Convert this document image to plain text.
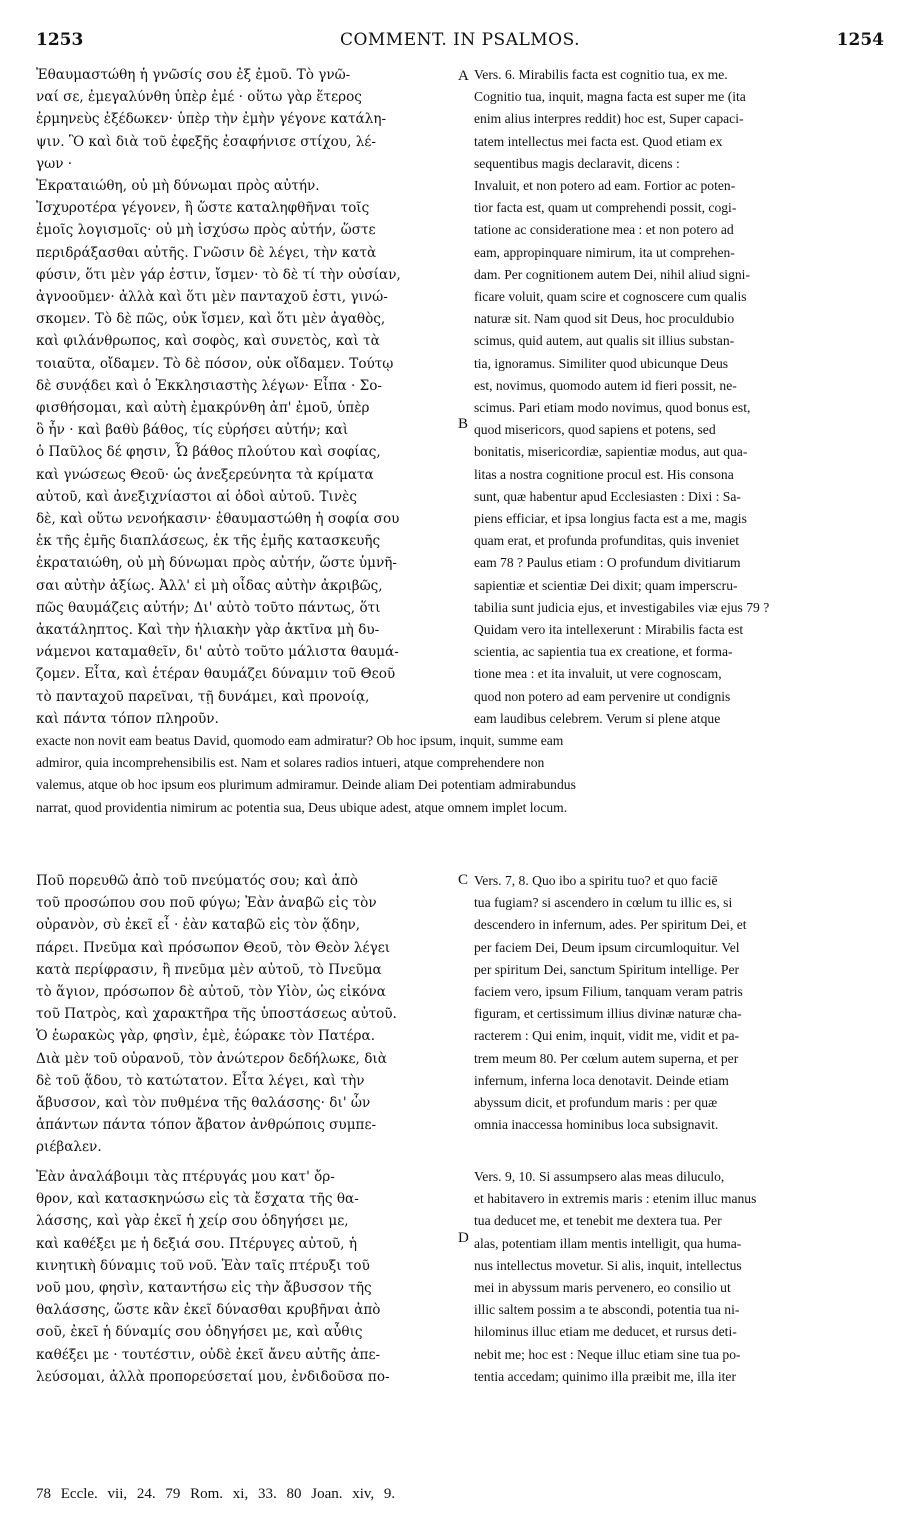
1253	COMMENT. IN PSALMOS.	1254
Ἐθαυμαστώθη ἡ γνῶσίς σου ἐξ ἐμοῦ. Τὸ γνῶ-
ναί σε, ἐμεγαλύνθη ὑπὲρ ἐμέ · οὕτω γὰρ ἕτερος
ἑρμηνεὺς ἐξέδωκεν· ὑπὲρ τὴν ἐμὴν γέγονε κατάλη-
ψιν. Ὃ καὶ διὰ τοῦ ἐφεξῆς ἐσαφήνισε στίχου, λέ-
γων ·
Ἐκραταιώθη, οὐ μὴ δύνωμαι πρὸς αὐτήν.
Ἰσχυροτέρα γέγονεν, ἣ ὥστε καταληφθῆναι τοῖς
ἐμοῖς λογισμοῖς· οὐ μὴ ἰσχύσω πρὸς αὐτήν, ὥστε
περιδράξασθαι αὐτῆς. Γνῶσιν δὲ λέγει, τὴν κατὰ
φύσιν, ὅτι μὲν γάρ ἐστιν, ἴσμεν· τὸ δὲ τί τὴν οὐσίαν,
ἀγνοοῦμεν· ἀλλὰ καὶ ὅτι μὲν πανταχοῦ ἐστι, γινώ-
σκομεν. Τὸ δὲ πῶς, οὐκ ἴσμεν, καὶ ὅτι μὲν ἀγαθὸς,
καὶ φιλάνθρωπος, καὶ σοφὸς, καὶ συνετὸς, καὶ τὰ
τοιαῦτα, οἴδαμεν. Τὸ δὲ πόσον, οὐκ οἴδαμεν. Τούτῳ
δὲ συνᾴδει καὶ ὁ Ἐκκλησιαστὴς λέγων· Εἶπα · Σο-
φισθήσομαι, καὶ αὐτὴ ἐμακρύνθη ἀπ' ἐμοῦ, ὑπὲρ
ὃ ἦν · καὶ βαθὺ βάθος, τίς εὑρήσει αὐτήν; καὶ
ὁ Παῦλος δέ φησιν, Ὦ βάθος πλούτου καὶ σοφίας,
καὶ γνώσεως Θεοῦ· ὡς ἀνεξερεύνητα τὰ κρίματα
αὐτοῦ, καὶ ἀνεξιχνίαστοι αἱ ὁδοὶ αὐτοῦ. Τινὲς
δὲ, καὶ οὕτω νενοήκασιν· ἐθαυμαστώθη ἡ σοφία σου
ἐκ τῆς ἐμῆς διαπλάσεως, ἐκ τῆς ἐμῆς κατασκευῆς
ἐκραταιώθη, οὐ μὴ δύνωμαι πρὸς αὐτήν, ὥστε ὑμνῆ-
σαι αὐτὴν ἀξίως. Ἀλλ' εἰ μὴ οἶδας αὐτὴν ἀκριβῶς,
πῶς θαυμάζεις αὐτήν; Δι' αὐτὸ τοῦτο πάντως, ὅτι
ἀκατάληπτος. Καὶ τὴν ἡλιακὴν γὰρ ἀκτῖνα μὴ δυ-
νάμενοι καταμαθεῖν, δι' αὐτὸ τοῦτο μάλιστα θαυμά-
ζομεν. Εἶτα, καὶ ἑτέραν θαυμάζει δύναμιν τοῦ Θεοῦ
τὸ πανταχοῦ παρεῖναι, τῇ δυνάμει, καὶ προνοίᾳ,
καὶ πάντα τόπον πληροῦν.
Vers. 6. Mirabilis facta est cognitio tua, ex me.
Cognitio tua, inquit, magna facta est super me (ita
enim alius interpres reddit) hoc est, Super capaci-
tatem intellectus mei facta est. Quod etiam ex
sequentibus magis declaravit, dicens :
Invaluit, et non potero ad eam. Fortior ac poten-
tior facta est, quam ut comprehendi possit, cogi-
tatione ac consideratione mea : et non potero ad
eam, appropinquare nimirum, ita ut comprehen-
dam. Per cognitionem autem Dei, nihil aliud signi-
ficare voluit, quam scire et cognoscere cum qualis
naturæ sit. Nam quod sit Deus, hoc proculdubio
scimus, quid autem, aut qualis sit illius substan-
tia, ignoramus. Similiter quod ubicunque Deus
est, novimus, quomodo autem id fieri possit, ne-
scimus. Pari etiam modo novimus, quod bonus est,
quod misericors, quod sapiens et potens, sed
bonitatis, misericordiæ, sapientiæ modus, aut qua-
litas a nostra cognitione procul est. His consona
sunt, quæ habentur apud Ecclesiasten : Dixi : Sa-
piens efficiar, et ipsa longius facta est a me, magis
quam erat, et profunda profunditas, quis inveniet
eam 78 ? Paulus etiam : O profundum divitiarum
sapientiæ et scientiæ Dei dixit; quam imperscru-
tabilia sunt judicia ejus, et investigabiles viæ ejus 79 ?
Quidam vero ita intellexerunt : Mirabilis facta est
scientia, ac sapientia tua ex creatione, et forma-
tione mea : et ita invaluit, ut vere cognoscam,
quod non potero ad eam pervenire ut condignis
eam laudibus celebrem. Verum si plene atque
A
B
C
D
exacte non novit eam beatus David, quomodo eam admiratur? Ob hoc ipsum, inquit, summe eam
admiror, quia incomprehensibilis est. Nam et solares radios intueri, atque comprehendere non
valemus, atque ob hoc ipsum eos plurimum admiramur. Deinde aliam Dei potentiam admirabundus
narrat, quod providentia nimirum ac potentia sua, Deus ubique adest, atque omnem implet locum.
Ποῦ πορευθῶ ἀπὸ τοῦ πνεύματός σου; καὶ ἀπὸ
τοῦ προσώπου σου ποῦ φύγω; Ἐὰν ἀναβῶ εἰς τὸν
οὐρανὸν, σὺ ἐκεῖ εἶ · ἐὰν καταβῶ εἰς τὸν ᾅδην,
πάρει. Πνεῦμα καὶ πρόσωπον Θεοῦ, τὸν Θεὸν λέγει
κατὰ περίφρασιν, ἢ πνεῦμα μὲν αὐτοῦ, τὸ Πνεῦμα
τὸ ἅγιον, πρόσωπον δὲ αὐτοῦ, τὸν Υἱὸν, ὡς εἰκόνα
τοῦ Πατρὸς, καὶ χαρακτῆρα τῆς ὑποστάσεως αὐτοῦ.
Ὁ ἑωρακὼς γὰρ, φησὶν, ἐμὲ, ἑώρακε τὸν Πατέρα.
Διὰ μὲν τοῦ οὐρανοῦ, τὸν ἀνώτερον δεδήλωκε, διὰ
δὲ τοῦ ᾅδου, τὸ κατώτατον. Εἶτα λέγει, καὶ τὴν
ἄβυσσον, καὶ τὸν πυθμένα τῆς θαλάσσης· δι' ὧν
ἁπάντων πάντα τόπον ἄβατον ἀνθρώποις συμπε-
ριέβαλεν.
Vers. 7, 8. Quo ibo a spiritu tuo? et quo faciē
tua fugiam? si ascendero in cœlum tu illic es, si
descendero in infernum, ades. Per spiritum Dei, et
per faciem Dei, Deum ipsum circumloquitur. Vel
per spiritum Dei, sanctum Spiritum intellige. Per
faciem vero, ipsum Filium, tanquam veram patris
figuram, et certissimum illius divinæ naturæ cha-
racterem : Qui enim, inquit, vidit me, vidit et pa-
trem meum 80. Per cœlum autem superna, et per
infernum, inferna loca denotavit. Deinde etiam
abyssum dicit, et profundum maris : per quæ
omnia inaccessa hominibus loca subsignavit.
Ἐὰν ἀναλάβοιμι τὰς πτέρυγάς μου κατ' ὄρ-
θρον, καὶ κατασκηνώσω εἰς τὰ ἔσχατα τῆς θα-
λάσσης, καὶ γὰρ ἐκεῖ ἡ χείρ σου ὁδηγήσει με,
καὶ καθέξει με ἡ δεξιά σου. Πτέρυγες αὐτοῦ, ἡ
κινητικὴ δύναμις τοῦ νοῦ. Ἐὰν ταῖς πτέρυξι τοῦ
νοῦ μου, φησὶν, καταντήσω εἰς τὴν ἄβυσσον τῆς
θαλάσσης, ὥστε κἂν ἐκεῖ δύνασθαι κρυβῆναι ἀπὸ
σοῦ, ἐκεῖ ἡ δύναμίς σου ὁδηγήσει με, καὶ αὖθις
καθέξει με · τουτέστιν, οὐδὲ ἐκεῖ ἄνευ αὐτῆς ἀπε-
λεύσομαι, ἀλλὰ προπορεύσεταί μου, ἐνδιδοῦσα πο-
Vers. 9, 10. Si assumpsero alas meas diluculo,
et habitavero in extremis maris : etenim illuc manus
tua deducet me, et tenebit me dextera tua. Per
alas, potentiam illam mentis intelligit, qua huma-
nus intellectus movetur. Si alis, inquit, intellectus
mei in abyssum maris pervenero, eo consilio ut
illic saltem possim a te abscondi, potentia tua ni-
hilominus illuc etiam me deducet, et rursus deti-
nebit me; hoc est : Neque illuc etiam sine tua po-
tentia accedam; quinimo illa præibit me, illa iter
78 Eccle. vii, 24. 79 Rom. xi, 33. 80 Joan. xiv, 9.
